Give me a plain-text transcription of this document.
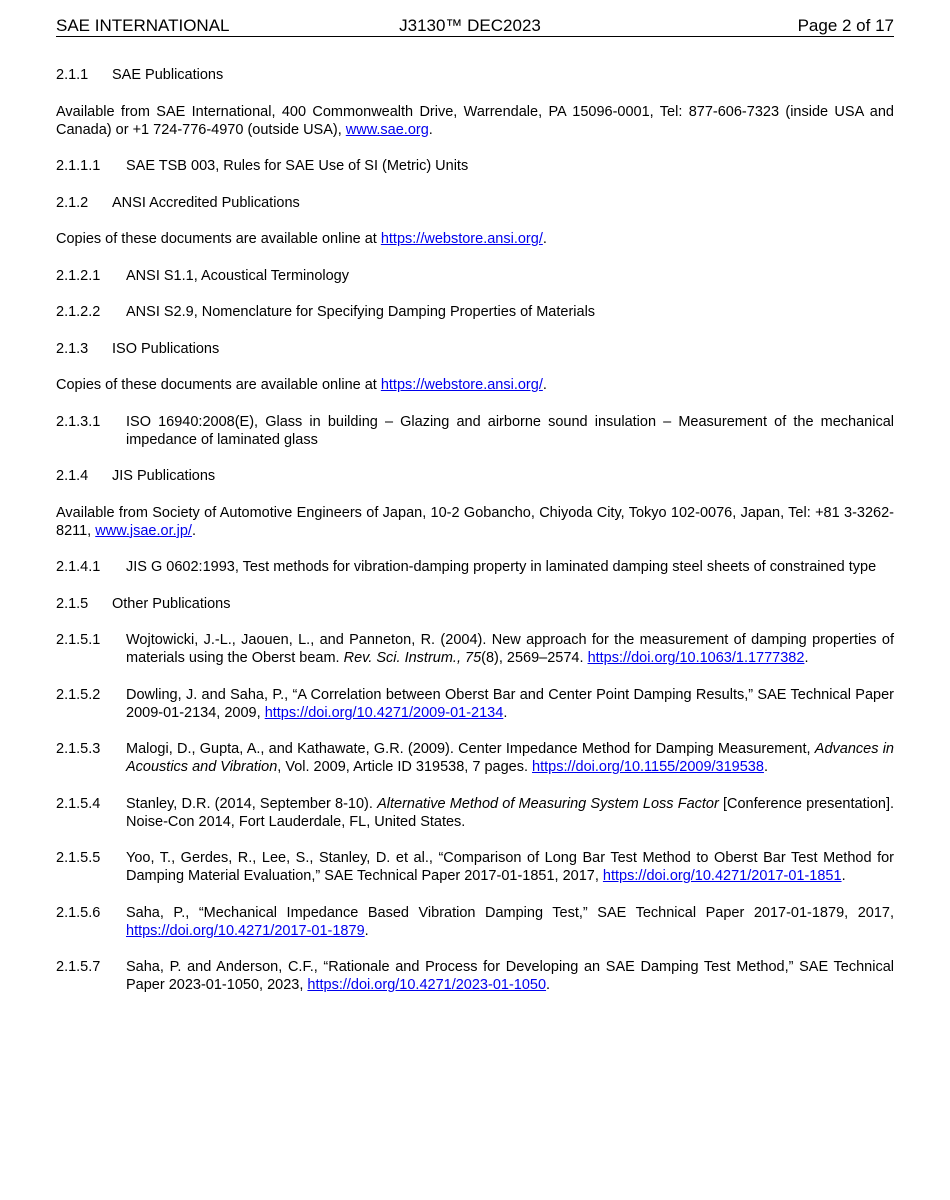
SAE INTERNATIONAL	J3130™ DEC2023	Page 2 of 17
2.1.1 SAE Publications

Available from SAE International, 400 Commonwealth Drive, Warrendale, PA 15096-0001, Tel: 877-606-7323 (inside USA and Canada) or +1 724-776-4970 (outside USA), www.sae.org.

2.1.1.1	SAE TSB 003, Rules for SAE Use of SI (Metric) Units
2.1.2 ANSI Accredited Publications

Copies of these documents are available online at https://webstore.ansi.org/.

2.1.2.1	ANSI S1.1, Acoustical Terminology
2.1.2.2	ANSI S2.9, Nomenclature for Specifying Damping Properties of Materials
2.1.3 ISO Publications

Copies of these documents are available online at https://webstore.ansi.org/.

2.1.3.1	ISO 16940:2008(E), Glass in building – Glazing and airborne sound insulation – Measurement of the mechanical impedance of laminated glass
2.1.4 JIS Publications

Available from Society of Automotive Engineers of Japan, 10-2 Gobancho, Chiyoda City, Tokyo 102-0076, Japan, Tel: +81 3-3262-8211, www.jsae.or.jp/.

2.1.4.1	JIS G 0602:1993, Test methods for vibration-damping property in laminated damping steel sheets of constrained type
2.1.5 Other Publications
2.1.5.1	Wojtowicki, J.-L., Jaouen, L., and Panneton, R. (2004). New approach for the measurement of damping properties of materials using the Oberst beam. Rev. Sci. Instrum., 75(8), 2569–2574. https://doi.org/10.1063/1.1777382.
2.1.5.2	Dowling, J. and Saha, P., “A Correlation between Oberst Bar and Center Point Damping Results,” SAE Technical Paper 2009-01-2134, 2009, https://doi.org/10.4271/2009-01-2134.
2.1.5.3	Malogi, D., Gupta, A., and Kathawate, G.R. (2009). Center Impedance Method for Damping Measurement, Advances in Acoustics and Vibration, Vol. 2009, Article ID 319538, 7 pages. https://doi.org/10.1155/2009/319538.
2.1.5.4	Stanley, D.R. (2014, September 8-10). Alternative Method of Measuring System Loss Factor [Conference presentation]. Noise-Con 2014, Fort Lauderdale, FL, United States.
2.1.5.5	Yoo, T., Gerdes, R., Lee, S., Stanley, D. et al., “Comparison of Long Bar Test Method to Oberst Bar Test Method for Damping Material Evaluation,” SAE Technical Paper 2017-01-1851, 2017, https://doi.org/10.4271/2017-01-1851.
2.1.5.6	Saha, P., “Mechanical Impedance Based Vibration Damping Test,” SAE Technical Paper 2017-01-1879, 2017, https://doi.org/10.4271/2017-01-1879.
2.1.5.7	Saha, P. and Anderson, C.F., “Rationale and Process for Developing an SAE Damping Test Method,” SAE Technical Paper 2023-01-1050, 2023, https://doi.org/10.4271/2023-01-1050.
